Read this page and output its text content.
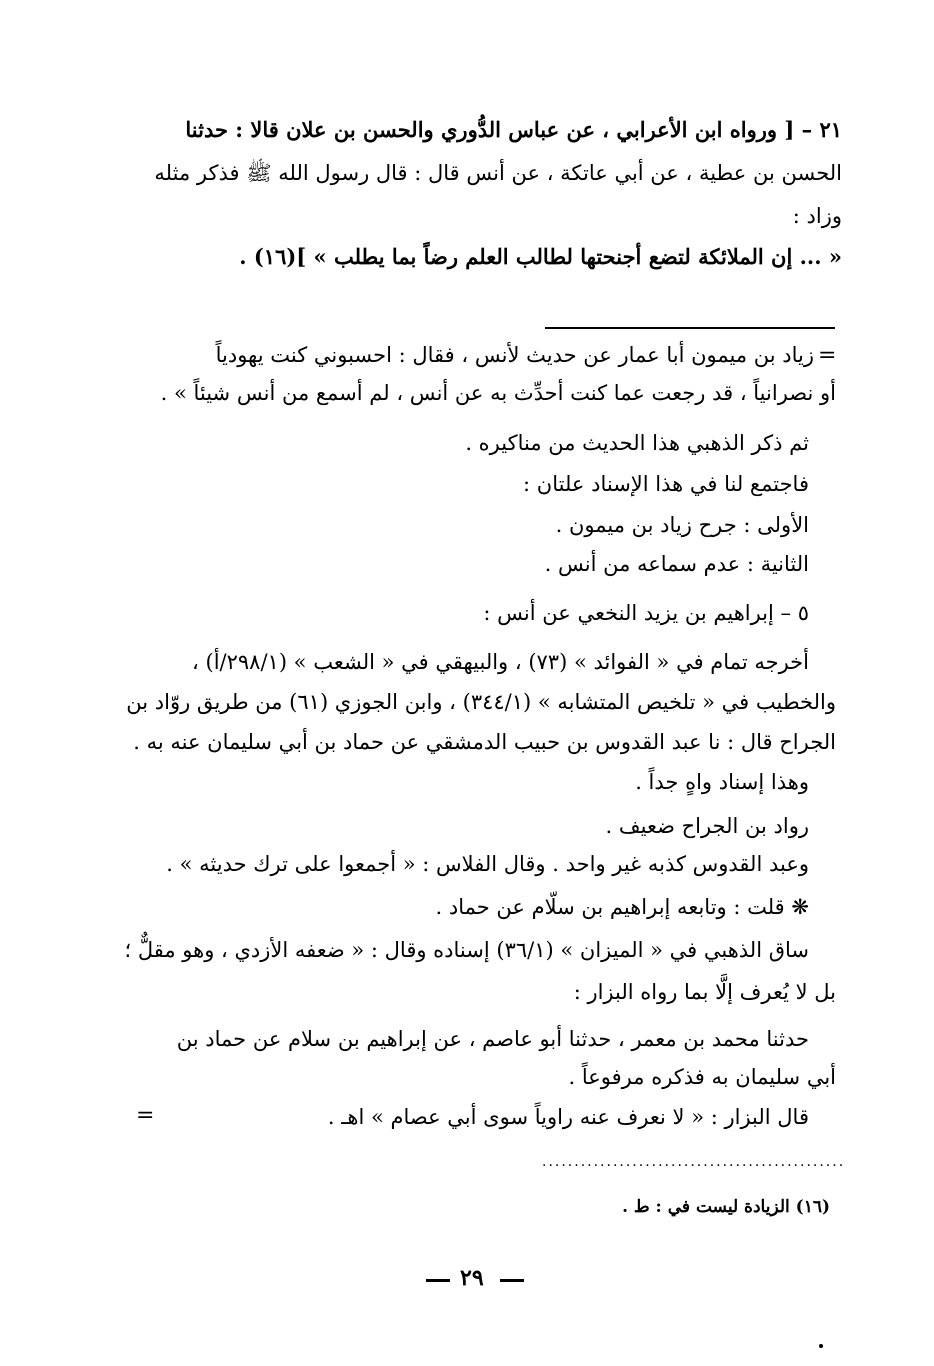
٢١ – [ ورواه ابن الأعرابي ، عن عباس الدُّوري والحسن بن علان قالا : حدثنا
الحسن بن عطية ، عن أبي عاتكة ، عن أنس قال : قال رسول الله ﷺ فذكر مثله
وزاد :
« ... إن الملائكة لتضع أجنحتها لطالب العلم رضاً بما يطلب » ](١٦) .
=
زياد بن ميمون أبا عمار عن حديث لأنس ، فقال : احسبوني كنت يهودياً
أو نصرانياً ، قد رجعت عما كنت أحدِّث به عن أنس ، لم أسمع من أنس شيئاً » .
ثم ذكر الذهبي هذا الحديث من مناكيره .
فاجتمع لنا في هذا الإسناد علتان :
الأولى : جرح زياد بن ميمون .
الثانية : عدم سماعه من أنس .
٥ – إبراهيم بن يزيد النخعي عن أنس :
أخرجه تمام في « الفوائد » (٧٣) ، والبيهقي في « الشعب » (٢٩٨/١/أ) ،
والخطيب في « تلخيص المتشابه » (٣٤٤/١) ، وابن الجوزي (٦١) من طريق روّاد بن
الجراح قال : نا عبد القدوس بن حبيب الدمشقي عن حماد بن أبي سليمان عنه به .
وهذا إسناد واهٍ جداً .
رواد بن الجراح ضعيف .
وعبد القدوس كذبه غير واحد . وقال الفلاس : « أجمعوا على ترك حديثه » .
❋ قلت : وتابعه إبراهيم بن سلّام عن حماد .
ساق الذهبي في « الميزان » (٣٦/١) إسناده وقال : « ضعفه الأزدي ، وهو مقلٌّ ؛
بل لا يُعرف إلَّا بما رواه البزار :
حدثنا محمد بن معمر ، حدثنا أبو عاصم ، عن إبراهيم بن سلام عن حماد بن
أبي سليمان به فذكره مرفوعاً .
قال البزار : « لا نعرف عنه راوياً سوى أبي عصام » اهـ .
=
...............................................
(١٦) الزيادة ليست في : ط .
٢٩
